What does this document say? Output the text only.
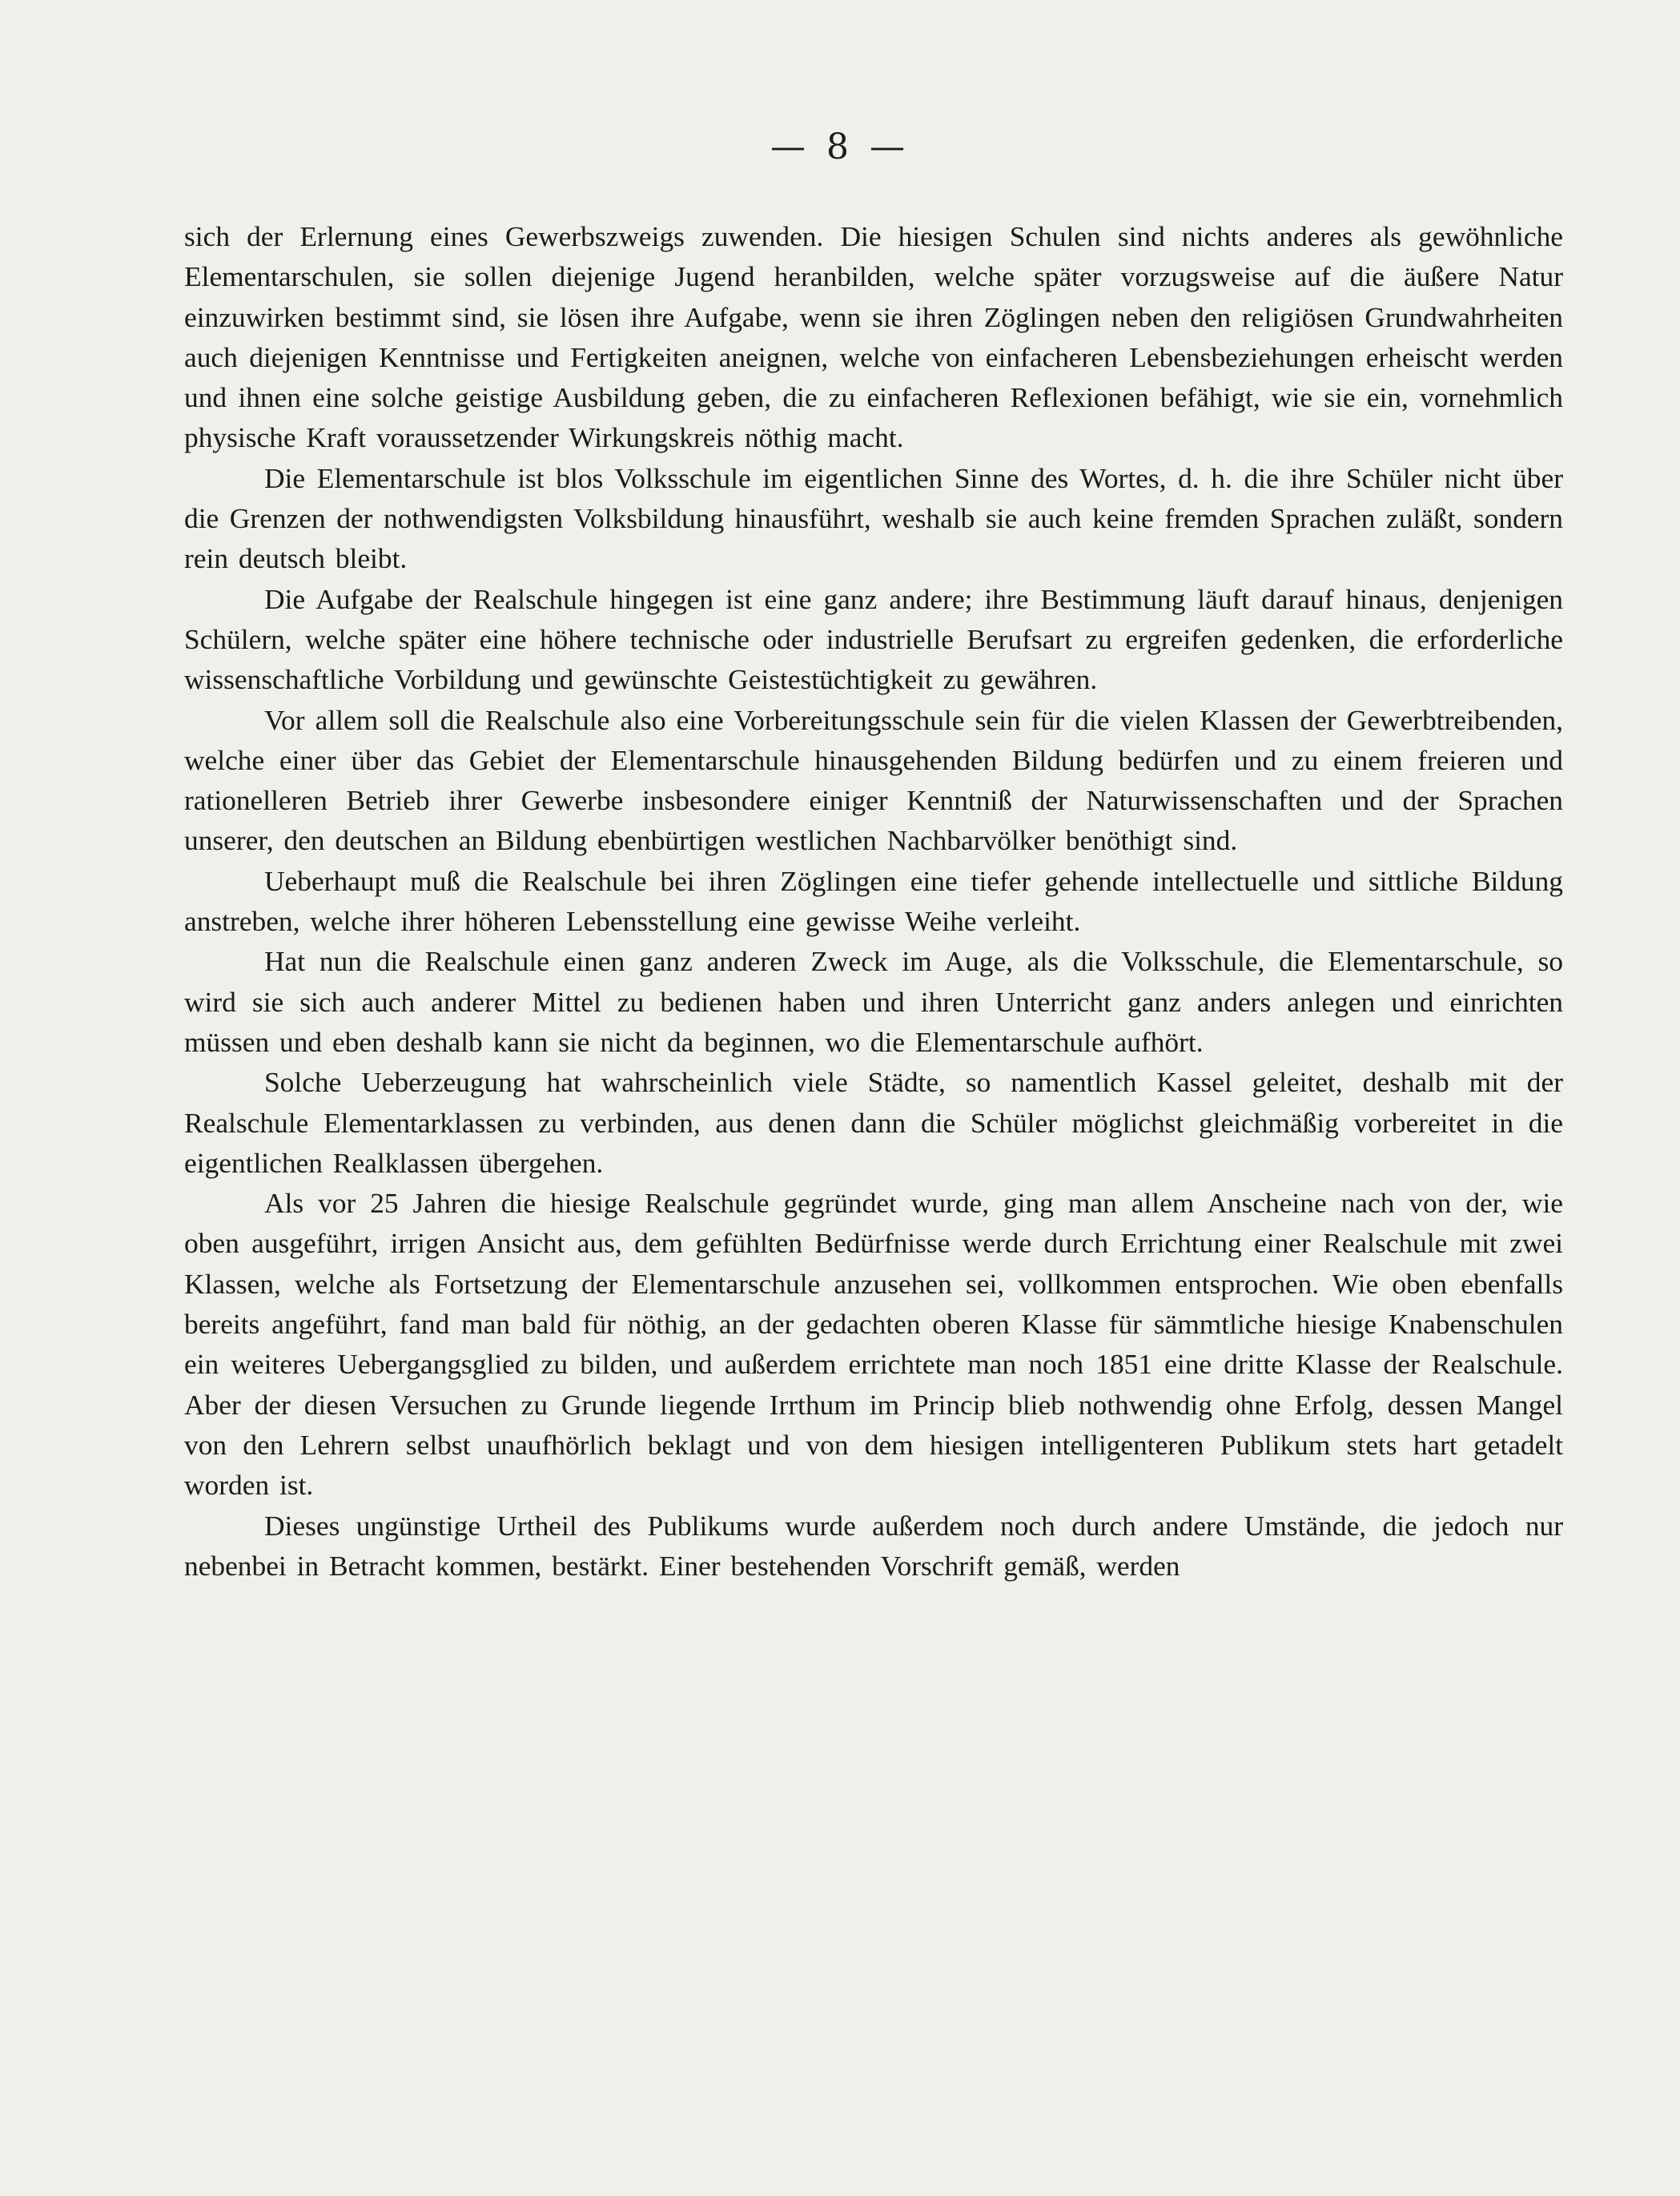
— 8 —

sich der Erlernung eines Gewerbszweigs zuwenden. Die hiesigen Schulen sind nichts anderes als gewöhnliche Elementarschulen, sie sollen diejenige Jugend heranbilden, welche später vorzugsweise auf die äußere Natur einzuwirken bestimmt sind, sie lösen ihre Aufgabe, wenn sie ihren Zöglingen neben den religiösen Grundwahrheiten auch diejenigen Kenntnisse und Fertigkeiten aneignen, welche von einfacheren Lebensbeziehungen erheischt werden und ihnen eine solche geistige Ausbildung geben, die zu einfacheren Reflexionen befähigt, wie sie ein, vornehmlich physische Kraft voraussetzender Wirkungskreis nöthig macht.

Die Elementarschule ist blos Volksschule im eigentlichen Sinne des Wortes, d. h. die ihre Schüler nicht über die Grenzen der nothwendigsten Volksbildung hinausführt, weshalb sie auch keine fremden Sprachen zuläßt, sondern rein deutsch bleibt.

Die Aufgabe der Realschule hingegen ist eine ganz andere; ihre Bestimmung läuft darauf hinaus, denjenigen Schülern, welche später eine höhere technische oder industrielle Berufsart zu ergreifen gedenken, die erforderliche wissenschaftliche Vorbildung und gewünschte Geistestüchtigkeit zu gewähren.

Vor allem soll die Realschule also eine Vorbereitungsschule sein für die vielen Klassen der Gewerbtreibenden, welche einer über das Gebiet der Elementarschule hinausgehenden Bildung bedürfen und zu einem freieren und rationelleren Betrieb ihrer Gewerbe insbesondere einiger Kenntniß der Naturwissenschaften und der Sprachen unserer, den deutschen an Bildung ebenbürtigen westlichen Nachbarvölker benöthigt sind.

Ueberhaupt muß die Realschule bei ihren Zöglingen eine tiefer gehende intellectuelle und sittliche Bildung anstreben, welche ihrer höheren Lebensstellung eine gewisse Weihe verleiht.

Hat nun die Realschule einen ganz anderen Zweck im Auge, als die Volksschule, die Elementarschule, so wird sie sich auch anderer Mittel zu bedienen haben und ihren Unterricht ganz anders anlegen und einrichten müssen und eben deshalb kann sie nicht da beginnen, wo die Elementarschule aufhört.

Solche Ueberzeugung hat wahrscheinlich viele Städte, so namentlich Kassel geleitet, deshalb mit der Realschule Elementarklassen zu verbinden, aus denen dann die Schüler möglichst gleichmäßig vorbereitet in die eigentlichen Realklassen übergehen.

Als vor 25 Jahren die hiesige Realschule gegründet wurde, ging man allem Anscheine nach von der, wie oben ausgeführt, irrigen Ansicht aus, dem gefühlten Bedürfnisse werde durch Errichtung einer Realschule mit zwei Klassen, welche als Fortsetzung der Elementarschule anzusehen sei, vollkommen entsprochen. Wie oben ebenfalls bereits angeführt, fand man bald für nöthig, an der gedachten oberen Klasse für sämmtliche hiesige Knabenschulen ein weiteres Uebergangsglied zu bilden, und außerdem errichtete man noch 1851 eine dritte Klasse der Realschule. Aber der diesen Versuchen zu Grunde liegende Irrthum im Princip blieb nothwendig ohne Erfolg, dessen Mangel von den Lehrern selbst unaufhörlich beklagt und von dem hiesigen intelligenteren Publikum stets hart getadelt worden ist.

Dieses ungünstige Urtheil des Publikums wurde außerdem noch durch andere Umstände, die jedoch nur nebenbei in Betracht kommen, bestärkt. Einer bestehenden Vorschrift gemäß, werden
